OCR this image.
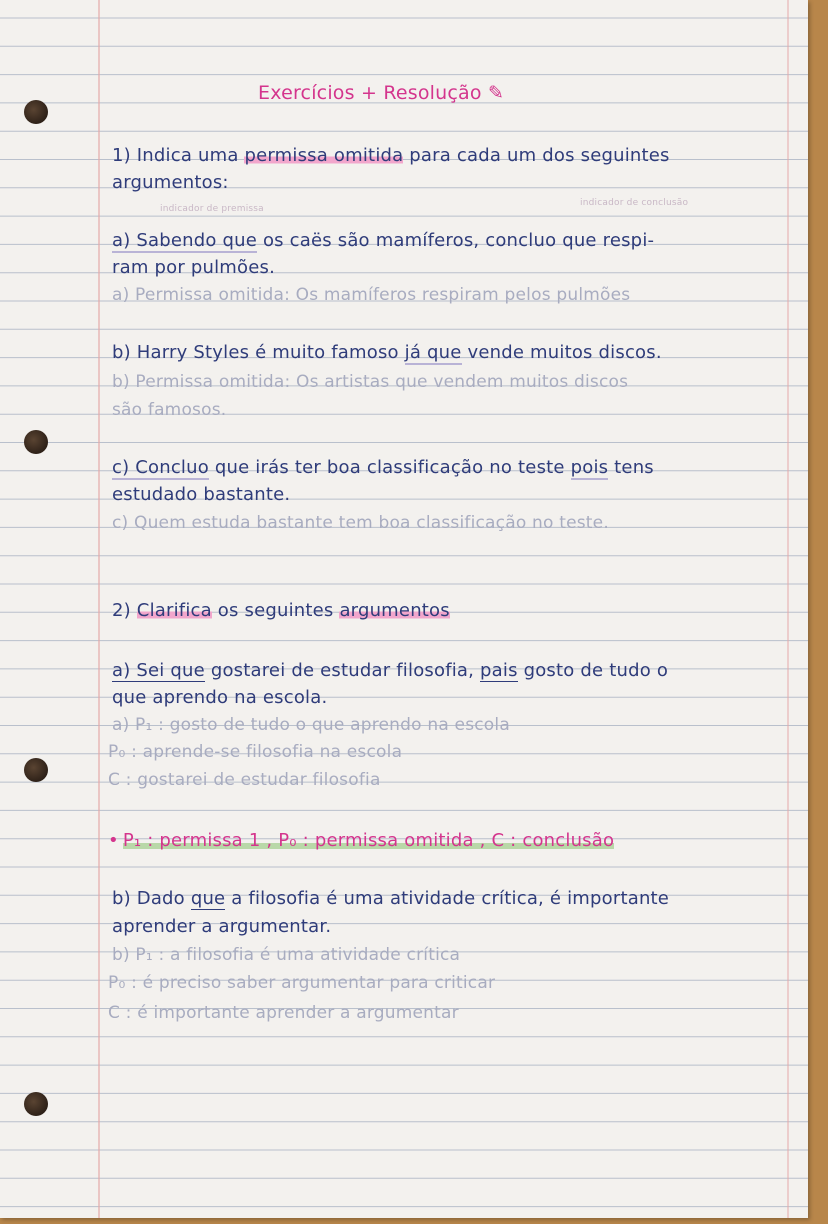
Exercícios + Resolução ✎
1) Indica uma permissa omitida para cada um dos seguintes
argumentos:
indicador de premissa
indicador de conclusão
a) Sabendo que os caës são mamíferos, concluo que respi-
ram por pulmões.
a) Permissa omitida: Os mamíferos respiram pelos pulmões
b) Harry Styles é muito famoso já que vende muitos discos.
b) Permissa omitida: Os artistas que vendem muitos discos
são famosos.
c) Concluo que irás ter boa classificação no teste pois tens
estudado bastante.
c) Quem estuda bastante tem boa classificação no teste.
2) Clarifica os seguintes argumentos
a) Sei que gostarei de estudar filosofia, pais gosto de tudo o
que aprendo na escola.
a) P₁ : gosto de tudo o que aprendo na escola
P₀ : aprende-se filosofia na escola
C : gostarei de estudar filosofia
• P₁ : permissa 1 , P₀ : permissa omitida , C : conclusão
b) Dado que a filosofia é uma atividade crítica, é importante
aprender a argumentar.
b) P₁ : a filosofia é uma atividade crítica
P₀ : é preciso saber argumentar para criticar
C : é importante aprender a argumentar
